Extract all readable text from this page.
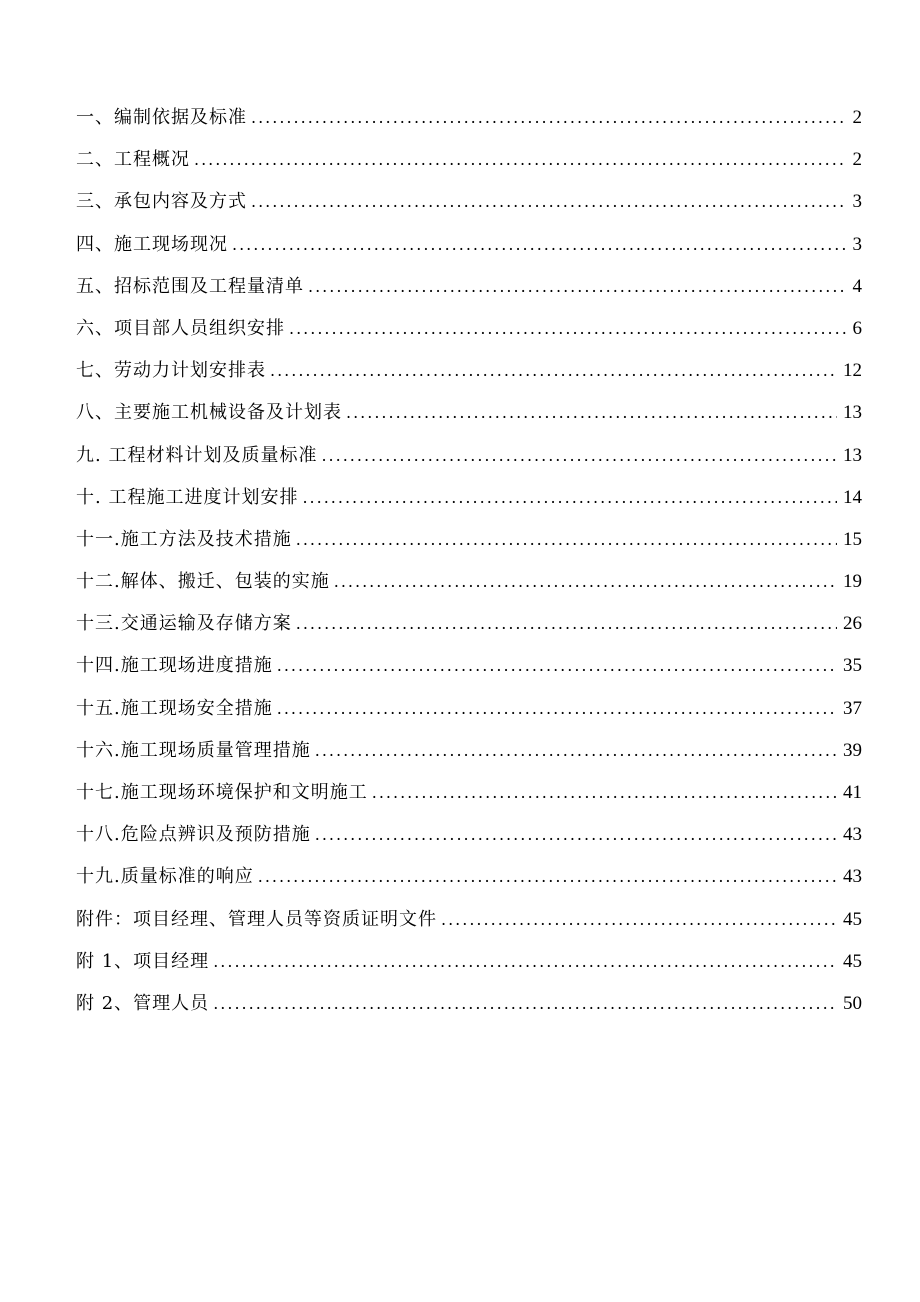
一、编制依据及标准 .....	2
二、工程概况 .....	2
三、承包内容及方式 .....	3
四、施工现场现况 .....	3
五、招标范围及工程量清单 .....	4
六、项目部人员组织安排 .....	6
七、劳动力计划安排表 .....	12
八、主要施工机械设备及计划表 .....	13
九. 工程材料计划及质量标准 .....	13
十. 工程施工进度计划安排 .....	14
十一.施工方法及技术措施 .....	15
十二.解体、搬迁、包装的实施 .....	19
十三.交通运输及存储方案 .....	26
十四.施工现场进度措施 .....	35
十五.施工现场安全措施 .....	37
十六.施工现场质量管理措施 .....	39
十七.施工现场环境保护和文明施工 .....	41
十八.危险点辨识及预防措施 .....	43
十九.质量标准的响应 .....	43
附件：项目经理、管理人员等资质证明文件 .....	45
附 1、项目经理 .....	45
附 2、管理人员 .....	50
